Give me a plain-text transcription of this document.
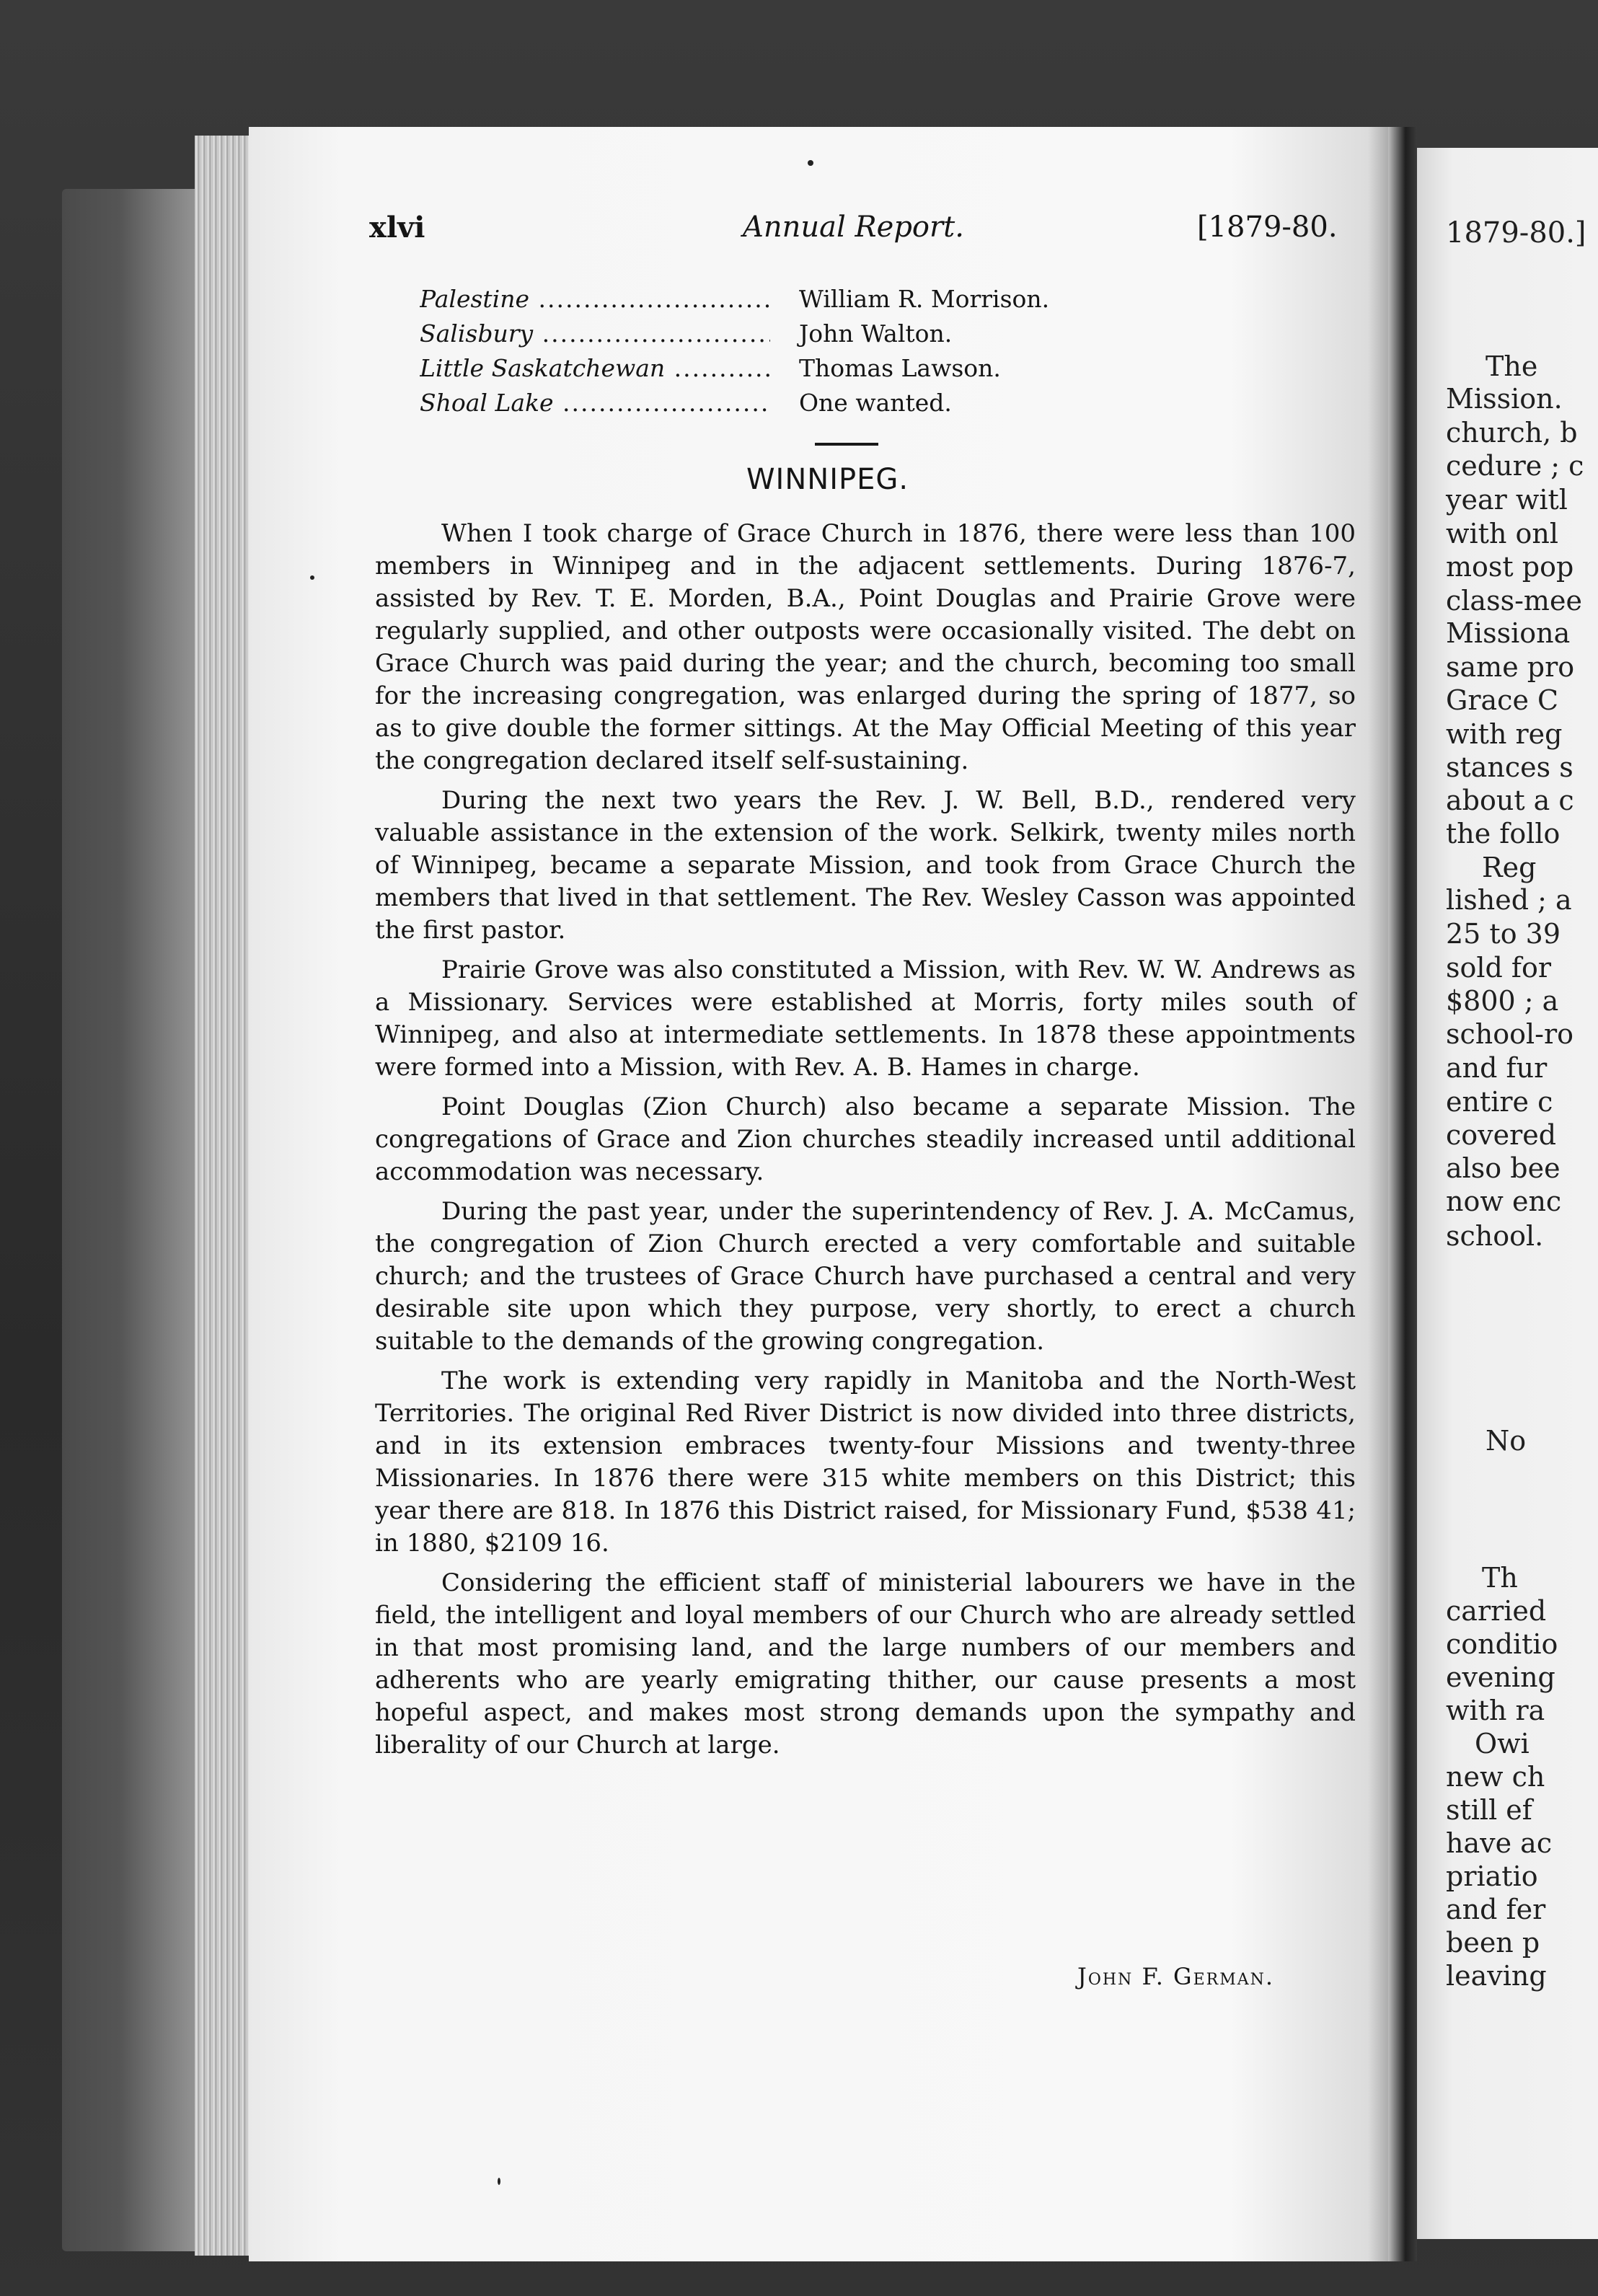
1879-80.]
The
Mission.
church, b
cedure ; c
year witl
with onl
most pop
class-mee
Missiona
same pro
Grace C
with reg
stances s
about a c
the follo
Reg
lished ; a
25 to 39
sold for
$800 ; a
school-ro
and fur
entire c
covered
also bee
now enc
school.
No
Th
carried
conditio
evening
with ra
Owi
new ch
still ef
have ac
priatio
and fer
been p
leaving
xlvi	Annual Report.	[1879-80.
Palestine .....	William R. Morrison.
Salisbury .....	John Walton.
Little Saskatchewan .....	Thomas Lawson.
Shoal Lake .....	One wanted.
WINNIPEG.

When I took charge of Grace Church in 1876, there were less than 100 members in Winnipeg and in the adjacent settlements. During 1876-7, assisted by Rev. T. E. Morden, B.A., Point Douglas and Prairie Grove were regularly supplied, and other outposts were occasionally visited. The debt on Grace Church was paid during the year; and the church, becoming too small for the increasing congregation, was enlarged during the spring of 1877, so as to give double the former sittings. At the May Official Meeting of this year the congregation declared itself self-sustaining.

During the next two years the Rev. J. W. Bell, B.D., rendered very valuable assistance in the extension of the work. Selkirk, twenty miles north of Winnipeg, became a separate Mission, and took from Grace Church the members that lived in that settlement. The Rev. Wesley Casson was appointed the first pastor.

Prairie Grove was also constituted a Mission, with Rev. W. W. Andrews as a Missionary. Services were established at Morris, forty miles south of Winnipeg, and also at intermediate settlements. In 1878 these appointments were formed into a Mission, with Rev. A. B. Hames in charge.

Point Douglas (Zion Church) also became a separate Mission. The congregations of Grace and Zion churches steadily increased until additional accommodation was necessary.

During the past year, under the superintendency of Rev. J. A. McCamus, the congregation of Zion Church erected a very comfortable and suitable church; and the trustees of Grace Church have purchased a central and very desirable site upon which they purpose, very shortly, to erect a church suitable to the demands of the growing congregation.

The work is extending very rapidly in Manitoba and the North-West Territories. The original Red River District is now divided into three districts, and in its extension embraces twenty-four Missions and twenty-three Missionaries. In 1876 there were 315 white members on this District; this year there are 818. In 1876 this District raised, for Missionary Fund, $538 41; in 1880, $2109 16.

Considering the efficient staff of ministerial labourers we have in the field, the intelligent and loyal members of our Church who are already settled in that most promising land, and the large numbers of our members and adherents who are yearly emigrating thither, our cause presents a most hopeful aspect, and makes most strong demands upon the sympathy and liberality of our Church at large.

John F. German.
